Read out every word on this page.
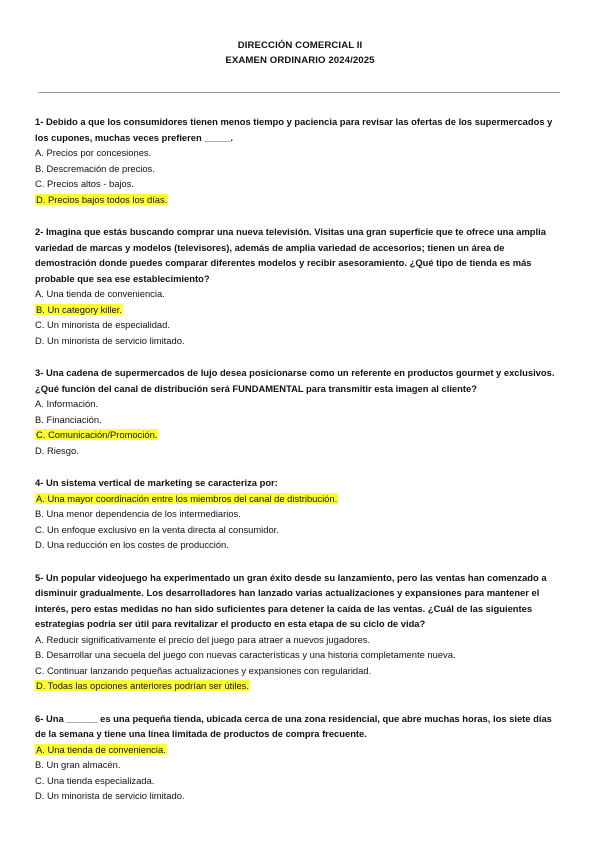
DIRECCIÓN COMERCIAL II
EXAMEN ORDINARIO 2024/2025
1- Debido a que los consumidores tienen menos tiempo y paciencia para revisar las ofertas de los supermercados y los cupones, muchas veces prefieren _____.
A. Precios por concesiones.
B. Descremación de precios.
C. Precios altos - bajos.
D. Precios bajos todos los días.
2- Imagina que estás buscando comprar una nueva televisión. Visitas una gran superficie que te ofrece una amplia variedad de marcas y modelos (televisores), además de amplia variedad de accesorios; tienen un área de demostración donde puedes comparar diferentes modelos y recibir asesoramiento. ¿Qué tipo de tienda es más probable que sea ese establecimiento?
A. Una tienda de conveniencia.
B. Un category killer.
C. Un minorista de especialidad.
D. Un minorista de servicio limitado.
3- Una cadena de supermercados de lujo desea posicionarse como un referente en productos gourmet y exclusivos. ¿Qué función del canal de distribución será FUNDAMENTAL para transmitir esta imagen al cliente?
A. Información.
B. Financiación.
C. Comunicación/Promoción.
D. Riesgo.
4- Un sistema vertical de marketing se caracteriza por:
A. Una mayor coordinación entre los miembros del canal de distribución.
B. Una menor dependencia de los intermediarios.
C. Un enfoque exclusivo en la venta directa al consumidor.
D. Una reducción en los costes de producción.
5- Un popular videojuego ha experimentado un gran éxito desde su lanzamiento, pero las ventas han comenzado a disminuir gradualmente. Los desarrolladores han lanzado varias actualizaciones y expansiones para mantener el interés, pero estas medidas no han sido suficientes para detener la caída de las ventas. ¿Cuál de las siguientes estrategias podría ser útil para revitalizar el producto en esta etapa de su ciclo de vida?
A. Reducir significativamente el precio del juego para atraer a nuevos jugadores.
B. Desarrollar una secuela del juego con nuevas características y una historia completamente nueva.
C. Continuar lanzando pequeñas actualizaciones y expansiones con regularidad.
D. Todas las opciones anteriores podrían ser útiles.
6- Una ______ es una pequeña tienda, ubicada cerca de una zona residencial, que abre muchas horas, los siete días de la semana y tiene una línea limitada de productos de compra frecuente.
A. Una tienda de conveniencia.
B. Un gran almacén.
C. Una tienda especializada.
D. Un minorista de servicio limitado.
